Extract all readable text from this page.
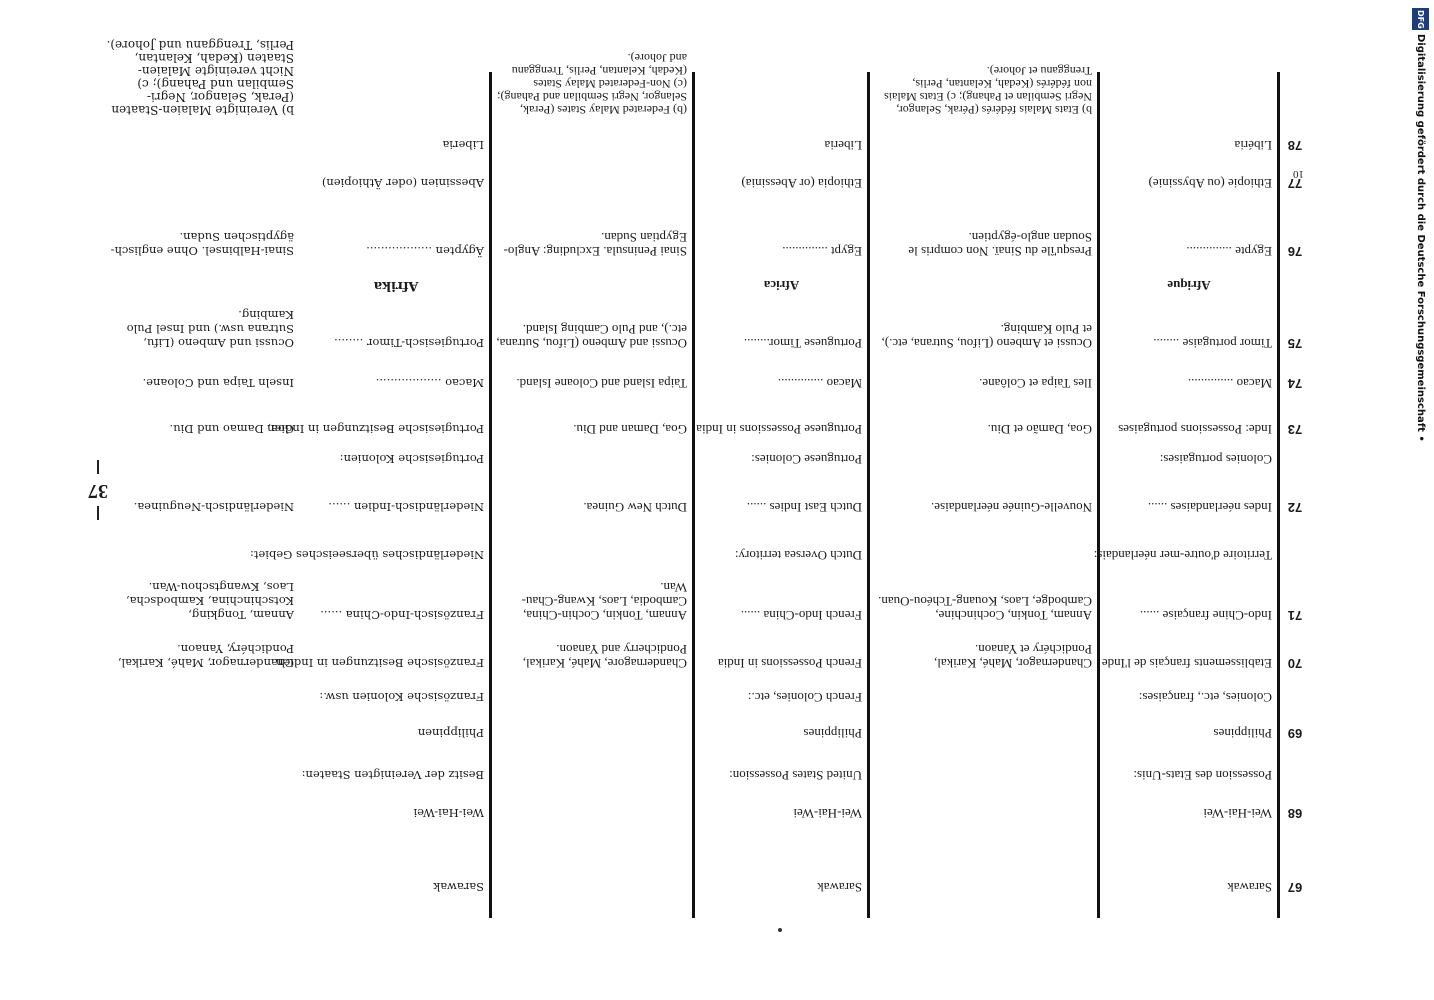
DFG
Digitalisierung gefördert durch die Deutsche Forschungsgemeinschaft •
10
37
67
68
69
70
71
72
73
74
75
76
77
78
Sarawak
Wei-Hai-Wei
Possession des Etats-Unis:
Philippines
Colonies, etc., françaises:
Etablissements français de l'Inde
Indo-Chine française ......
Territoire d'outre-mer néerlandais:
Indes néerlandaises ......
Colonies portugaises:
Inde: Possessions portugaises
Macao ..............
Timor portugaise ........
Afrique
Egypte ..............
Ethiopie (ou Abyssinie)
Libéria
Chandernagor, Mahé, Karikal, Pondichéry et Yanaon.
Annam, Tonkin, Cochinchine, Cambodge, Laos, Kouang-Tchéou-Ouan.
Nouvelle-Guinée néerlandaise.
Goa, Damão et Diu.
Iles Taipa et Colôane.
Ocussi et Ambeno (Lifou, Sutrana, etc.), et Pulo Kambing.
Presqu'île du Sinaï. Non compris le Soudan anglo-égyptien.
b) Etats Malais fédérés (Pérak, Selangor, Negri Sembilan et Pahang); c) Etats Malais non fédérés (Kedah, Kelantan, Perlis, Trengganu et Johore).
Sarawak
Wei-Hai-Wei
United States Possession:
Philippines
French Colonies, etc.:
French Possessions in India
French Indo-China ......
Dutch Oversea territory:
Dutch East Indies ......
Portuguese Colonies:
Portuguese Possessions in India
Macao ..............
Portuguese Timor........
Africa
Egypt ..............
Ethiopia (or Abessinia)
Liberia
Chandernagore, Mahé, Karikal, Pondicherry and Yanaon.
Annam, Tonkin, Cochin-China, Cambodia, Laos, Kwang-Chau-Wan.
Dutch New Guinea.
Goa, Daman and Diu.
Taipa Island and Coloane Island.
Ocussi and Ambeno (Lifou, Sutrana, etc.), and Pulo Cambing Island.
Sinai Peninsula. Excluding: Anglo-Egyptian Sudan.
(b) Federated Malay States (Perak, Selangor, Negri Sembilan and Pahang); (c) Non-Federated Malay States (Kedah, Kelantan, Perlis, Trengganu and Johore).
Sarawak
Wei-Hai-Wei
Besitz der Vereinigten Staaten:
Philippinen
Französische Kolonien usw.:
Französische Besitzungen in Indien
Französisch-Indo-China ......
Niederländisches überseeisches Gebiet:
Niederländisch-Indien ......
Portugiesische Kolonien:
Portugiesische Besitzungen in Indien
Macao ..................
Portugiesisch-Timor ........
Afrika
Ägypten ..................
Abessinien (oder Äthiopien)
Liberia
Chandernagor, Mahé, Karikal, Pondichéry, Yanaon.
Annam, Tongking, Kotschinchina, Kambodscha, Laos, Kwangtschou-Wan.
Niederländisch-Neuguinea.
Goa, Damao und Diu.
Inseln Taipa und Coloane.
Ocussi und Ambeno (Lifu, Sutrana usw.) und Insel Pulo Kambing.
Sinai-Halbinsel. Ohne englisch-ägyptischen Sudan.
b) Vereinigte Malaien-Staaten (Perak, Selangor, Negri-Sembilan und Pahang); c) Nicht vereinigte Malaien-Staaten (Kedah, Kelantan, Perlis, Trengganu und Johore).
